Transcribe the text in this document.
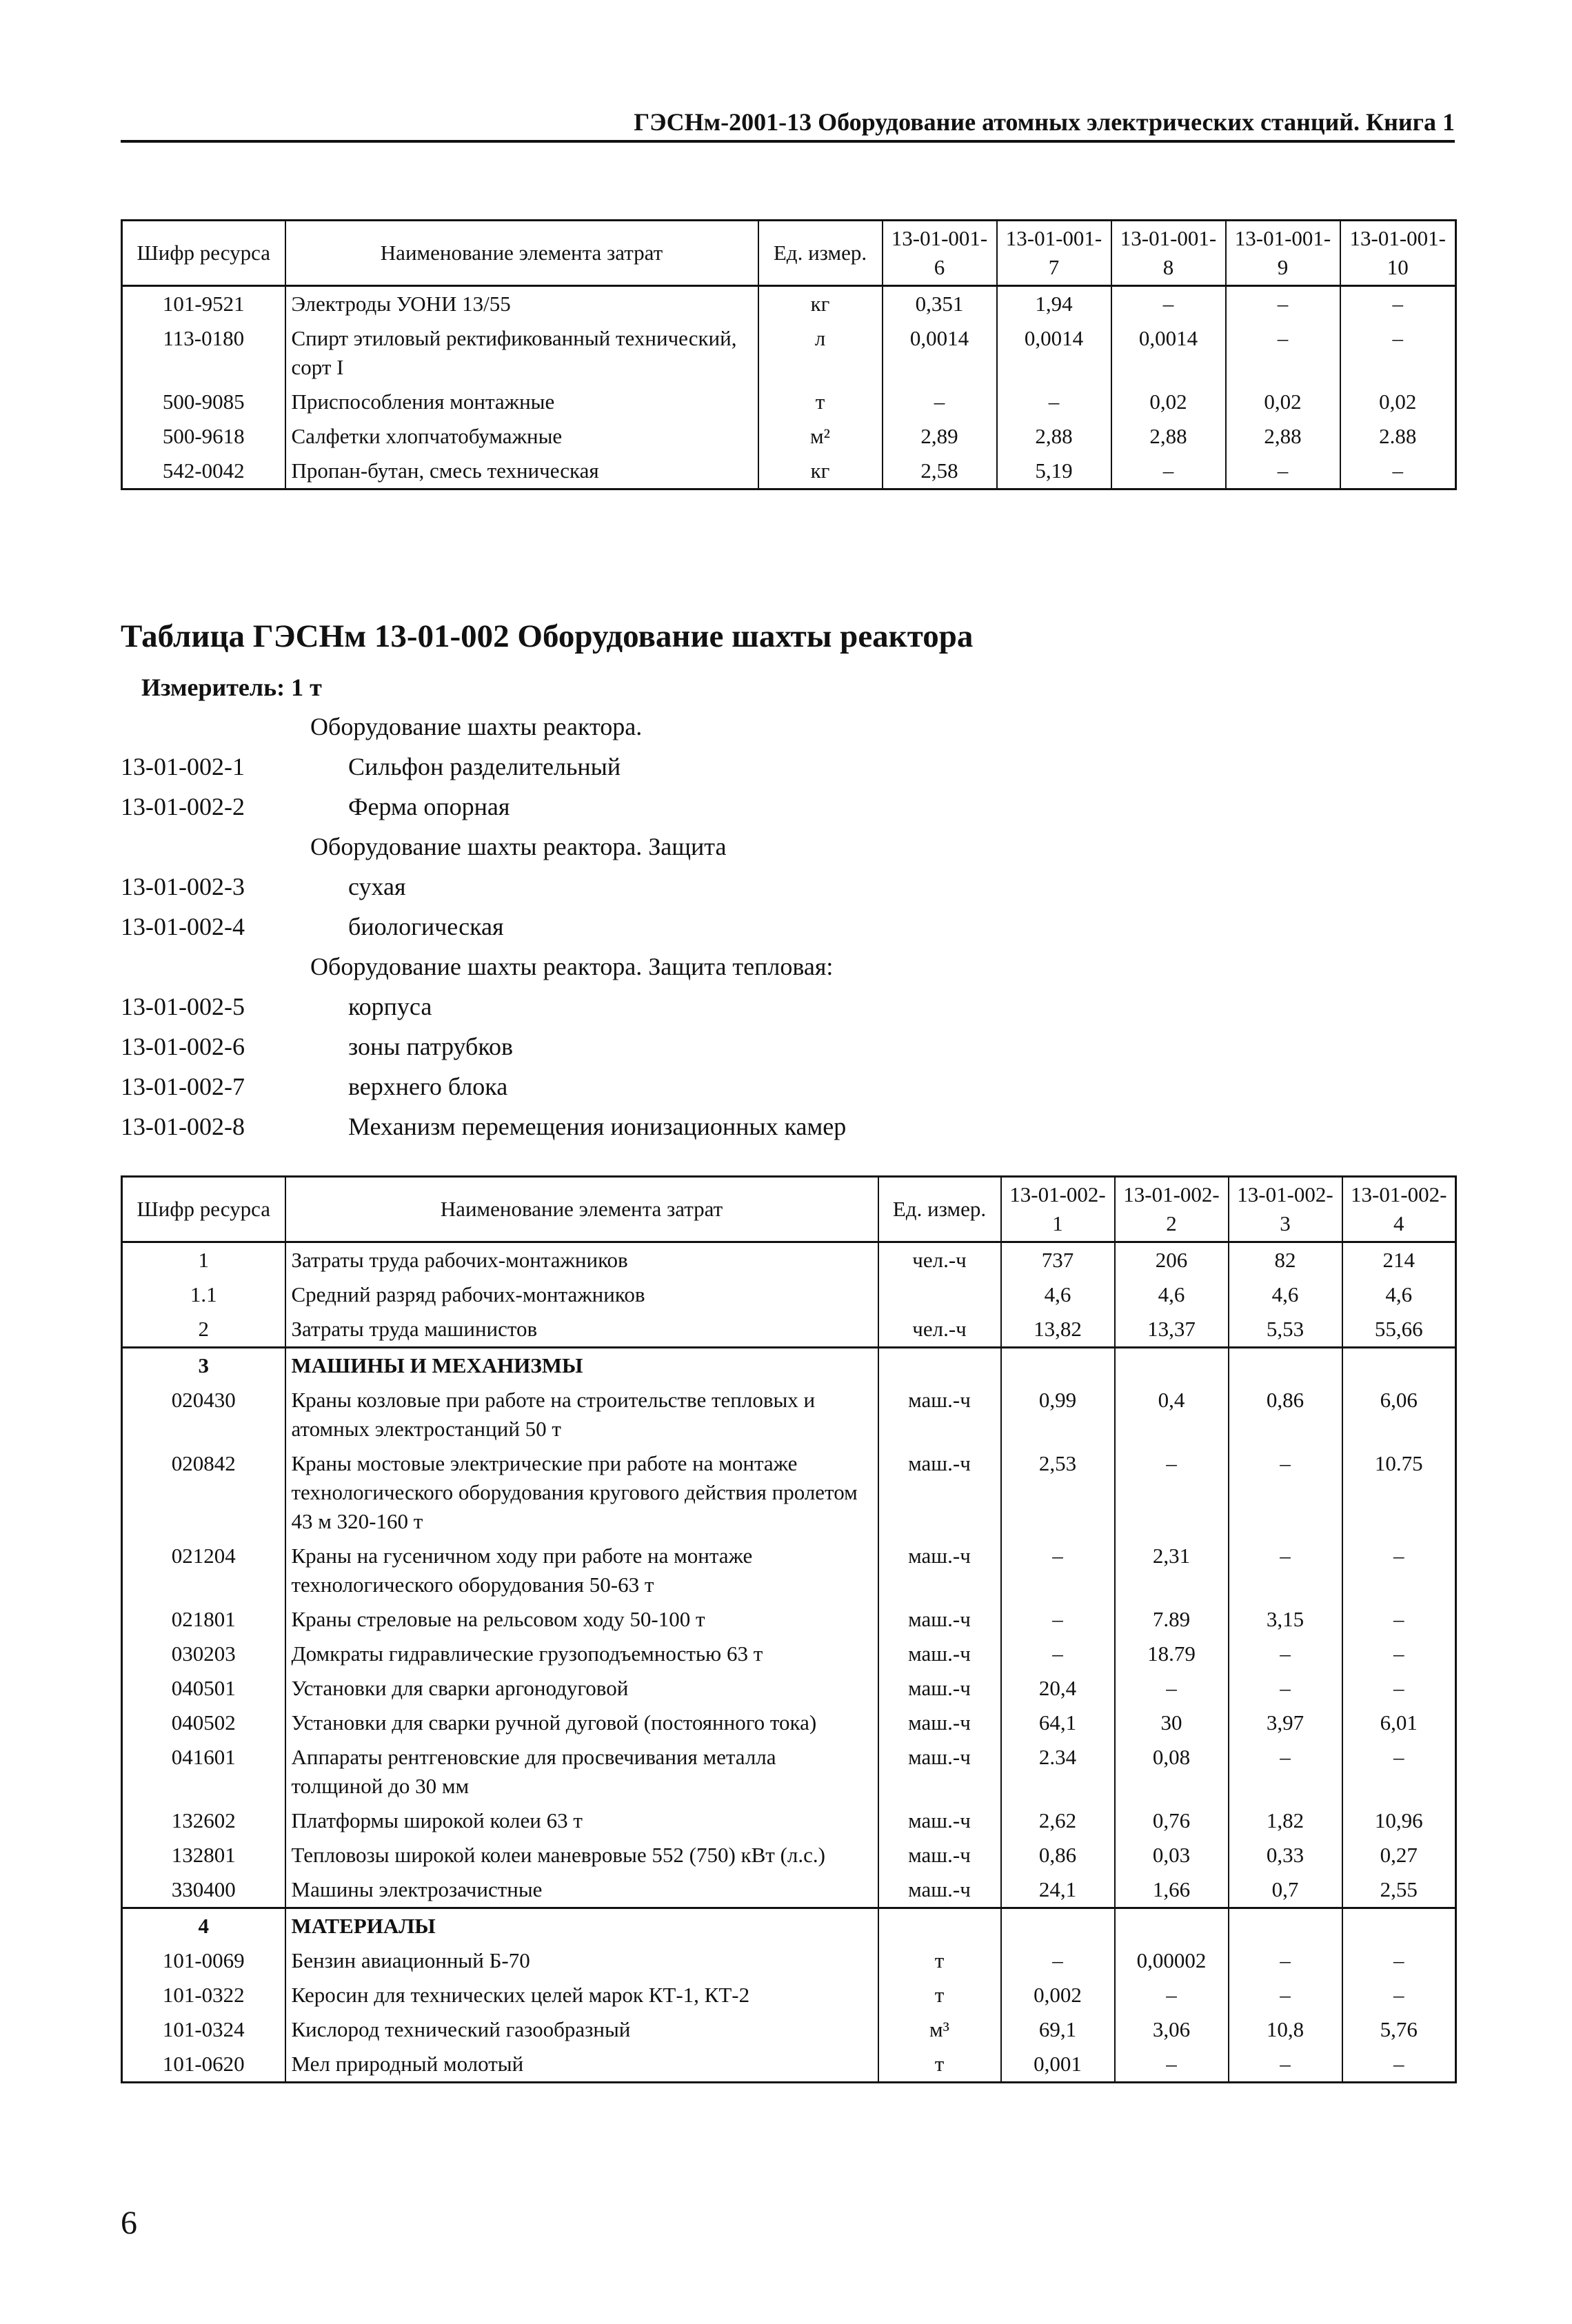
ГЭСНм-2001-13 Оборудование атомных электрических станций. Книга 1
Шифр ресурса	Наименование элемента затрат	Ед. измер.	13-01-001-6	13-01-001-7	13-01-001-8	13-01-001-9	13-01-001-10
101-9521	Электроды УОНИ 13/55	кг	0,351	1,94	–	–	–
113-0180	Спирт этиловый ректификованный технический, сорт I	л	0,0014	0,0014	0,0014	–	–
500-9085	Приспособления монтажные	т	–	–	0,02	0,02	0,02
500-9618	Салфетки хлопчатобумажные	м²	2,89	2,88	2,88	2,88	2.88
542-0042	Пропан-бутан, смесь техническая	кг	2,58	5,19	–	–	–
Таблица ГЭСНм 13-01-002 Оборудование шахты реактора
Измеритель: 1 т
Оборудование шахты реактора.
13-01-002-1	Сильфон разделительный
13-01-002-2	Ферма опорная
Оборудование шахты реактора. Защита
13-01-002-3	сухая
13-01-002-4	биологическая
Оборудование шахты реактора. Защита тепловая:
13-01-002-5	корпуса
13-01-002-6	зоны патрубков
13-01-002-7	верхнего блока
13-01-002-8	Механизм перемещения ионизационных камер
Шифр ресурса	Наименование элемента затрат	Ед. измер.	13-01-002-1	13-01-002-2	13-01-002-3	13-01-002-4
1	Затраты труда рабочих-монтажников	чел.-ч	737	206	82	214
1.1	Средний разряд рабочих-монтажников		4,6	4,6	4,6	4,6
2	Затраты труда машинистов	чел.-ч	13,82	13,37	5,53	55,66
3	МАШИНЫ И МЕХАНИЗМЫ					
020430	Краны козловые при работе на строительстве тепловых и атомных электростанций 50 т	маш.-ч	0,99	0,4	0,86	6,06
020842	Краны мостовые электрические при работе на монтаже технологического оборудования кругового действия пролетом 43 м 320-160 т	маш.-ч	2,53	–	–	10.75
021204	Краны на гусеничном ходу при работе на монтаже технологического оборудования 50-63 т	маш.-ч	–	2,31	–	–
021801	Краны стреловые на рельсовом ходу 50-100 т	маш.-ч	–	7.89	3,15	–
030203	Домкраты гидравлические грузоподъемностью 63 т	маш.-ч	–	18.79	–	–
040501	Установки для сварки аргонодуговой	маш.-ч	20,4	–	–	–
040502	Установки для сварки ручной дуговой (постоянного тока)	маш.-ч	64,1	30	3,97	6,01
041601	Аппараты рентгеновские для просвечивания металла толщиной до 30 мм	маш.-ч	2.34	0,08	–	–
132602	Платформы широкой колеи 63 т	маш.-ч	2,62	0,76	1,82	10,96
132801	Тепловозы широкой колеи маневровые 552 (750) кВт (л.с.)	маш.-ч	0,86	0,03	0,33	0,27
330400	Машины электрозачистные	маш.-ч	24,1	1,66	0,7	2,55
4	МАТЕРИАЛЫ					
101-0069	Бензин авиационный Б-70	т	–	0,00002	–	–
101-0322	Керосин для технических целей марок КТ-1, КТ-2	т	0,002	–	–	–
101-0324	Кислород технический газообразный	м³	69,1	3,06	10,8	5,76
101-0620	Мел природный молотый	т	0,001	–	–	–
6
